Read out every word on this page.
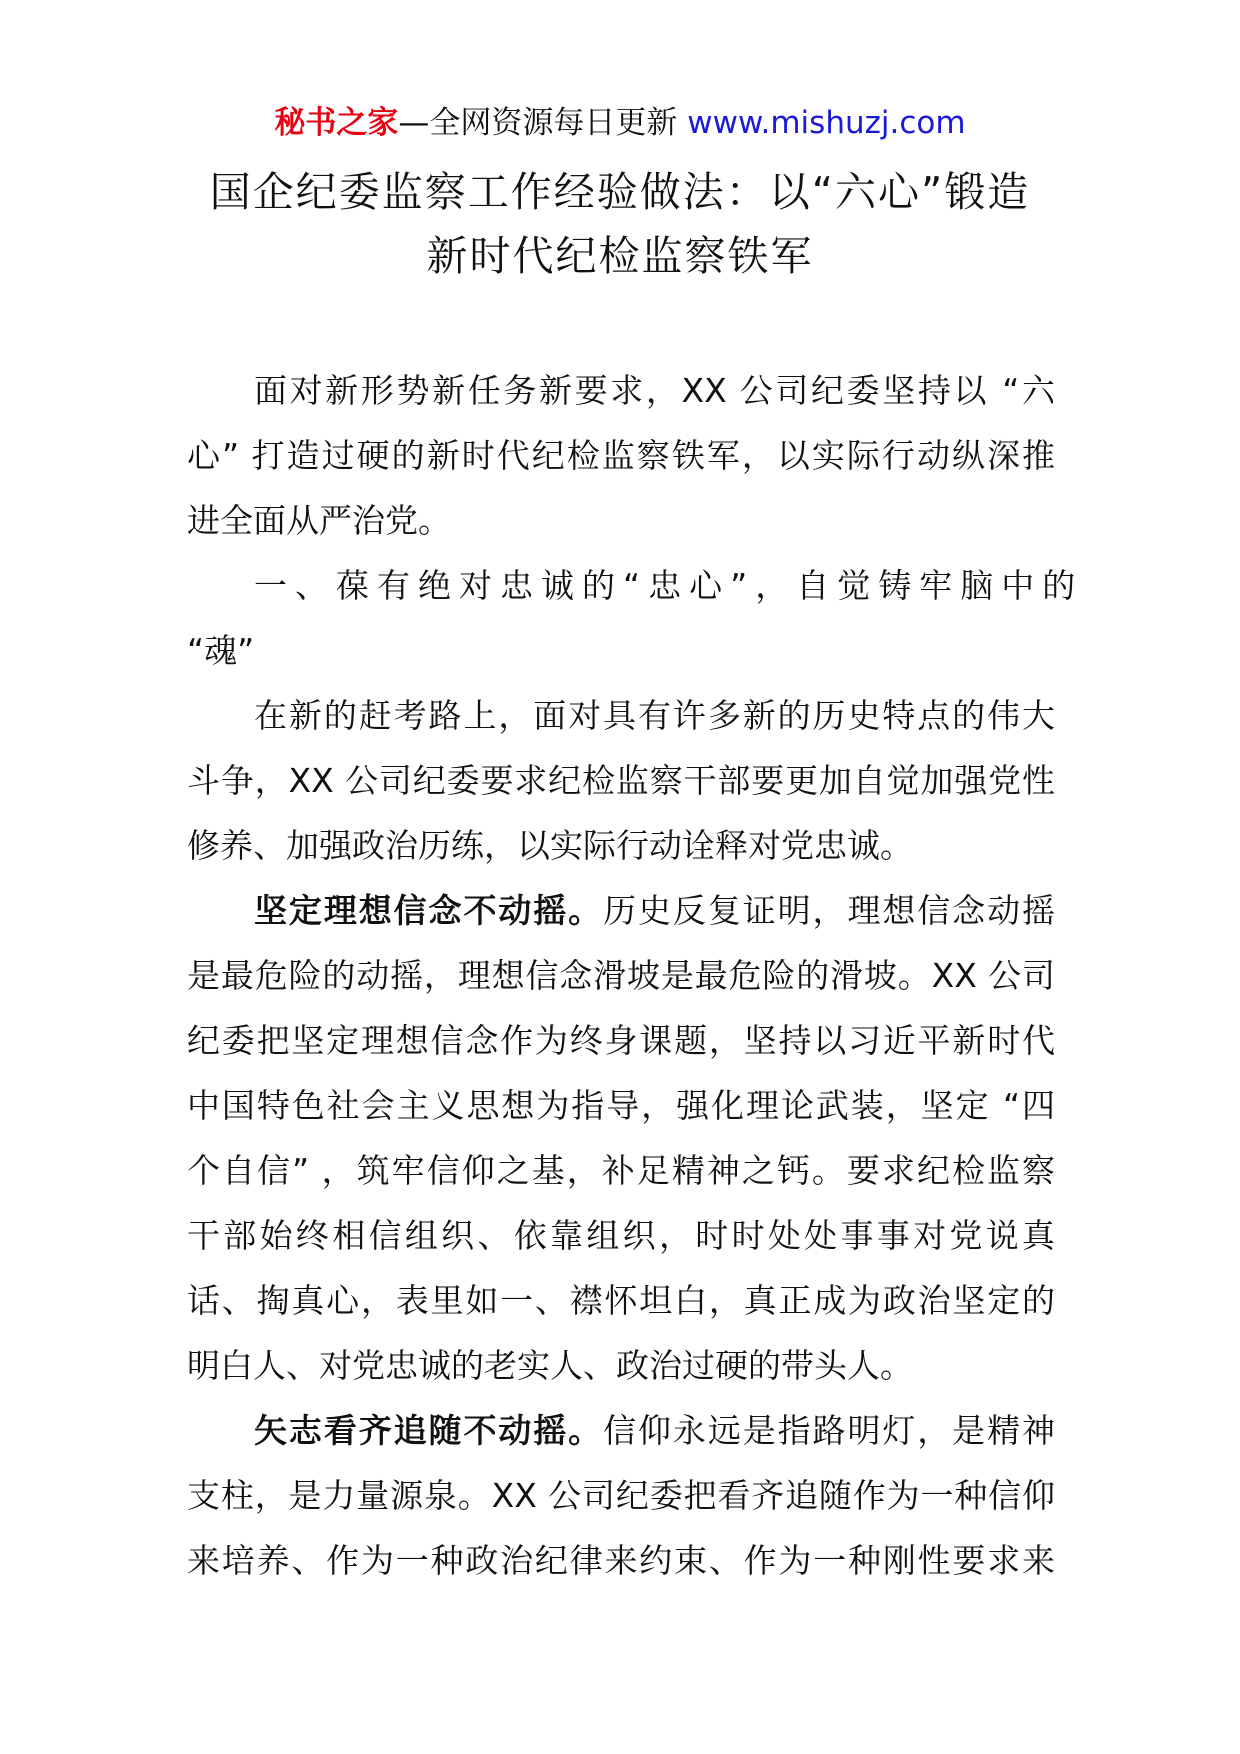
秘书之家—全网资源每日更新 www.mishuzj.com
国企纪委监察工作经验做法：以“六心”锻造
新时代纪检监察铁军
面对新形势新任务新要求，XX 公司纪委坚持以 “六
心” 打造过硬的新时代纪检监察铁军，以实际行动纵深推
进全面从严治党。
一、葆有绝对忠诚的“忠心”，自觉铸牢脑中的
“魂”
在新的赶考路上，面对具有许多新的历史特点的伟大
斗争，XX 公司纪委要求纪检监察干部要更加自觉加强党性
修养、加强政治历练，以实际行动诠释对党忠诚。
坚定理想信念不动摇。历史反复证明，理想信念动摇
是最危险的动摇，理想信念滑坡是最危险的滑坡。XX 公司
纪委把坚定理想信念作为终身课题，坚持以习近平新时代
中国特色社会主义思想为指导，强化理论武装，坚定 “四
个自信” ，筑牢信仰之基，补足精神之钙。要求纪检监察
干部始终相信组织、依靠组织，时时处处事事对党说真
话、掏真心，表里如一、襟怀坦白，真正成为政治坚定的
明白人、对党忠诚的老实人、政治过硬的带头人。
矢志看齐追随不动摇。信仰永远是指路明灯，是精神
支柱，是力量源泉。XX 公司纪委把看齐追随作为一种信仰
来培养、作为一种政治纪律来约束、作为一种刚性要求来
